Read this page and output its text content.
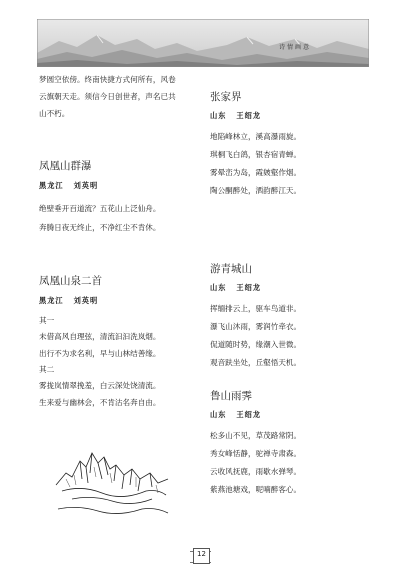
诗情画意
梦圆空依傍。终南快捷方式何所有，风卷
云旗朝天走。须信今日创世者，声名已共
山不朽。
凤凰山群瀑
黑龙江 刘英明
绝壁垂开百道流？五花山上泛仙舟。
奔腾日夜无终止，不净红尘不肯休。
凤凰山泉二首
黑龙江 刘英明
其一
未借高风自理弦，清流汩汩洗岚烟。
出行不为求名利，早与山林结善缘。
其二
雾拢岚情翠挽羞，白云深处饶清流。
生来爱与幽林会，不肯沽名奔自由。
张家界
山东 王绍龙
地陷峰林立，溪高瀑雨旋。
琪桐飞白鸽，银杏宿青蝉。
雾晕峦为岛，霞皴壑作烟。
陶公酮醉处，洒韵醉江天。
游青城山
山东 王绍龙
挥缅排云上，驱车鸟道非。
瀑飞山沐雨，雾润竹牵衣。
侃道随时势，缘潮入世微。
观音趺坐处，丘壑悟天机。
鲁山雨霁
山东 王绍龙
松多山不见，草茂路常阴。
秀女峰恬静，驼禅寺肃森。
云收风抚鹿，雨歇水弹琴。
紫燕池塘戏，呢喃醉客心。
12
